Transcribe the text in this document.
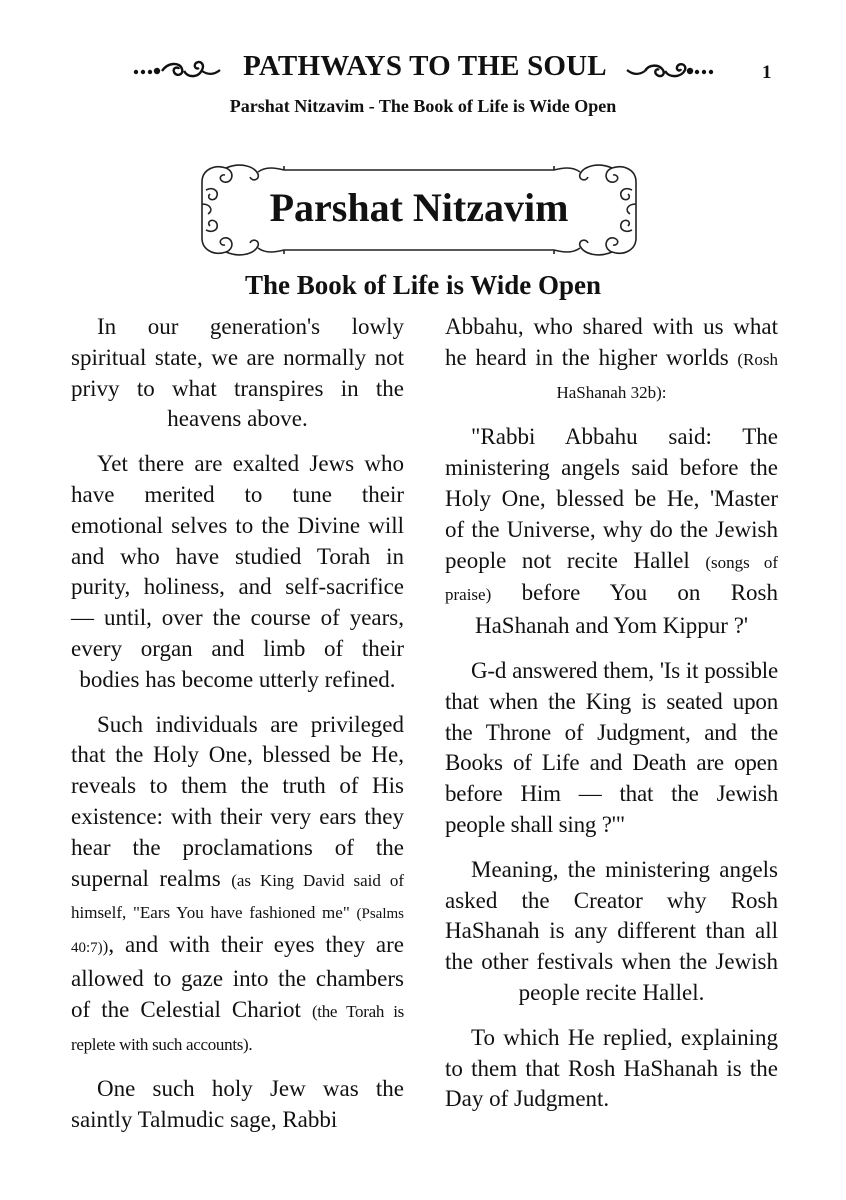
PATHWAYS TO THE SOUL	1
Parshat Nitzavim - The Book of Life is Wide Open
Parshat Nitzavim
The Book of Life is Wide Open

In our generation's lowly spiritual state, we are normally not privy to what transpires in the heavens above.

Yet there are exalted Jews who have merited to tune their emotional selves to the Divine will and who have studied Torah in purity, holiness, and self-sacrifice — until, over the course of years, every organ and limb of their bodies has become utterly refined.

Such individuals are privileged that the Holy One, blessed be He, reveals to them the truth of His existence: with their very ears they hear the proclamations of the supernal realms (as King David said of himself, "Ears You have fashioned me" (Psalms 40:7)), and with their eyes they are allowed to gaze into the chambers of the Celestial Chariot (the Torah is replete with such accounts).

One such holy Jew was the saintly Talmudic sage, Rabbi

Abbahu, who shared with us what he heard in the higher worlds (Rosh HaShanah 32b):

"Rabbi Abbahu said: The ministering angels said before the Holy One, blessed be He, 'Master of the Universe, why do the Jewish people not recite Hallel (songs of praise) before You on Rosh HaShanah and Yom Kippur ?'

G-d answered them, 'Is it possible that when the King is seated upon the Throne of Judgment, and the Books of Life and Death are open before Him — that the Jewish people shall sing ?'"

Meaning, the ministering angels asked the Creator why Rosh HaShanah is any different than all the other festivals when the Jewish people recite Hallel.

To which He replied, explaining to them that Rosh HaShanah is the Day of Judgment.
